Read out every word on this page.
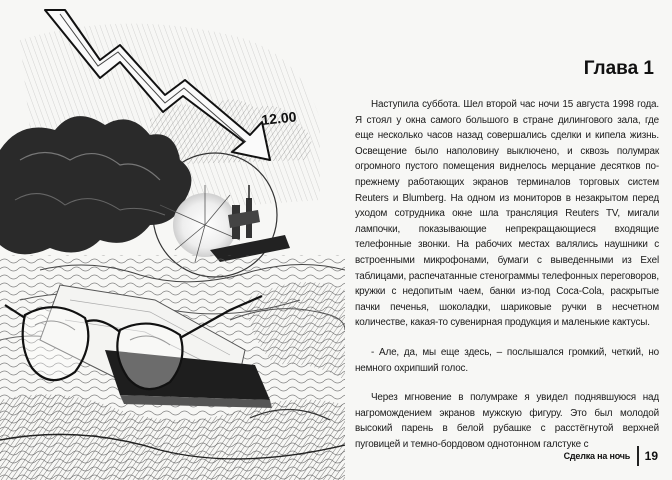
12.00
Глава 1

Наступила суббота. Шел второй час ночи 15 августа 1998 года. Я стоял у окна самого большого в стране дилингового зала, где еще несколько часов назад совершались сделки и кипела жизнь. Освещение было наполовину выключено, и сквозь полумрак огромного пустого помещения виднелось мерцание десятков по-прежнему работающих экранов терминалов торговых систем Reuters и Blumberg. На одном из мониторов в незакрытом перед уходом сотрудника окне шла трансляция Reuters TV, мигали лампочки, показывающие непрекращающиеся входящие телефонные звонки. На рабочих местах валялись наушники с встроенными микрофонами, бумаги с выведенными из Exel таблицами, распечатанные стенограммы телефонных переговоров, кружки с недопитым чаем, банки из-под Coca-Cola, раскрытые пачки печенья, шоколадки, шариковые ручки в несчетном количестве, какая-то сувенирная продукция и маленькие кактусы.

- Але, да, мы еще здесь, – послышался громкий, четкий, но немного охрипший голос.

Через мгновение в полумраке я увидел поднявшуюся над нагромождением экранов мужскую фигуру. Это был молодой высокий парень в белой рубашке с расстёгнутой верхней пуговицей и темно-бордовом однотонном галстуке с

Сделка на ночь 19
